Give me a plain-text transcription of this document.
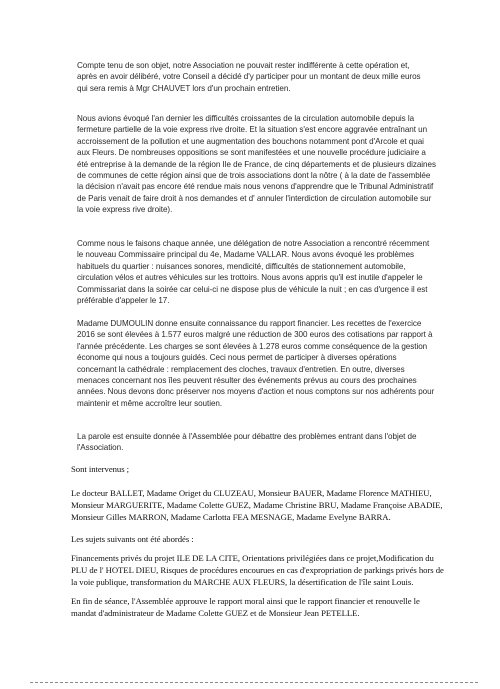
Compte tenu de son objet, notre Association ne pouvait rester indifférente à cette opération et, après en avoir délibéré, votre Conseil a décidé d'y participer pour un montant de deux mille euros qui sera remis à Mgr CHAUVET lors d'un prochain entretien.

Nous avions évoqué l'an dernier les difficultés croissantes de la circulation automobile depuis la fermeture partielle de la voie express rive droite. Et la situation s'est encore aggravée entraînant un accroissement de la pollution et une augmentation des bouchons notamment pont d'Arcole et quai aux Fleurs. De nombreuses oppositions se sont manifestées et une nouvelle procédure judiciaire a été entreprise à la demande de la région Ile de France, de cinq départements et de plusieurs dizaines de communes de cette région ainsi que de trois associations dont la nôtre ( à la date de l'assemblée la décision n'avait pas encore été rendue mais nous venons d'apprendre que le Tribunal Administratif de Paris venait de faire droit à nos demandes et d' annuler l'interdiction de circulation automobile sur la voie express rive droite).

Comme nous le faisons chaque année, une délégation de notre Association a rencontré récemment le nouveau Commissaire principal du 4e, Madame VALLAR. Nous avons évoqué les problèmes habituels du quartier : nuisances sonores, mendicité, difficultés de stationnement automobile, circulation vélos et autres véhicules sur les trottoirs. Nous avons appris qu'il est inutile d'appeler le Commissariat dans la soirée car celui-ci ne dispose plus de véhicule la nuit ; en cas d'urgence il est préférable d'appeler le 17.

Madame DUMOULIN donne ensuite connaissance du rapport financier. Les recettes de l'exercice 2016 se sont élevées à 1.577 euros malgré une réduction de 300 euros des cotisations par rapport à l'année précédente. Les charges se sont élevées à 1.278 euros comme conséquence de la gestion économe qui nous a toujours guidés. Ceci nous permet de participer à diverses opérations concernant la cathédrale : remplacement des cloches, travaux d'entretien. En outre, diverses menaces concernant nos îles peuvent résulter des événements prévus au cours des prochaines années. Nous devons donc préserver nos moyens d'action et nous comptons sur nos adhérents pour maintenir et même accroître leur soutien.

La parole est ensuite donnée à l'Assemblée pour débattre des problèmes entrant dans l'objet de l'Association.

Sont intervenus ;

Le docteur BALLET, Madame Origet du CLUZEAU, Monsieur BAUER, Madame Florence MATHIEU, Monsieur MARGUERITE, Madame Colette GUEZ, Madame Christine BRU, Madame Françoise ABADIE, Monsieur Gilles MARRON, Madame Carlotta FEA MESNAGE, Madame Evelyne BARRA.

Les sujets suivants ont été abordés :

Financements privés du projet ILE DE LA CITE, Orientations privilégiées dans ce projet,Modification du PLU de l' HOTEL DIEU, Risques de procédures encourues en cas d'expropriation de parkings privés hors de la voie publique, transformation du MARCHE AUX FLEURS, la désertification de l'île saint Louis.

En fin de séance, l'Assemblée approuve le rapport moral ainsi que le rapport financier et renouvelle le mandat d'administrateur de Madame Colette GUEZ et de Monsieur Jean PETELLE.
